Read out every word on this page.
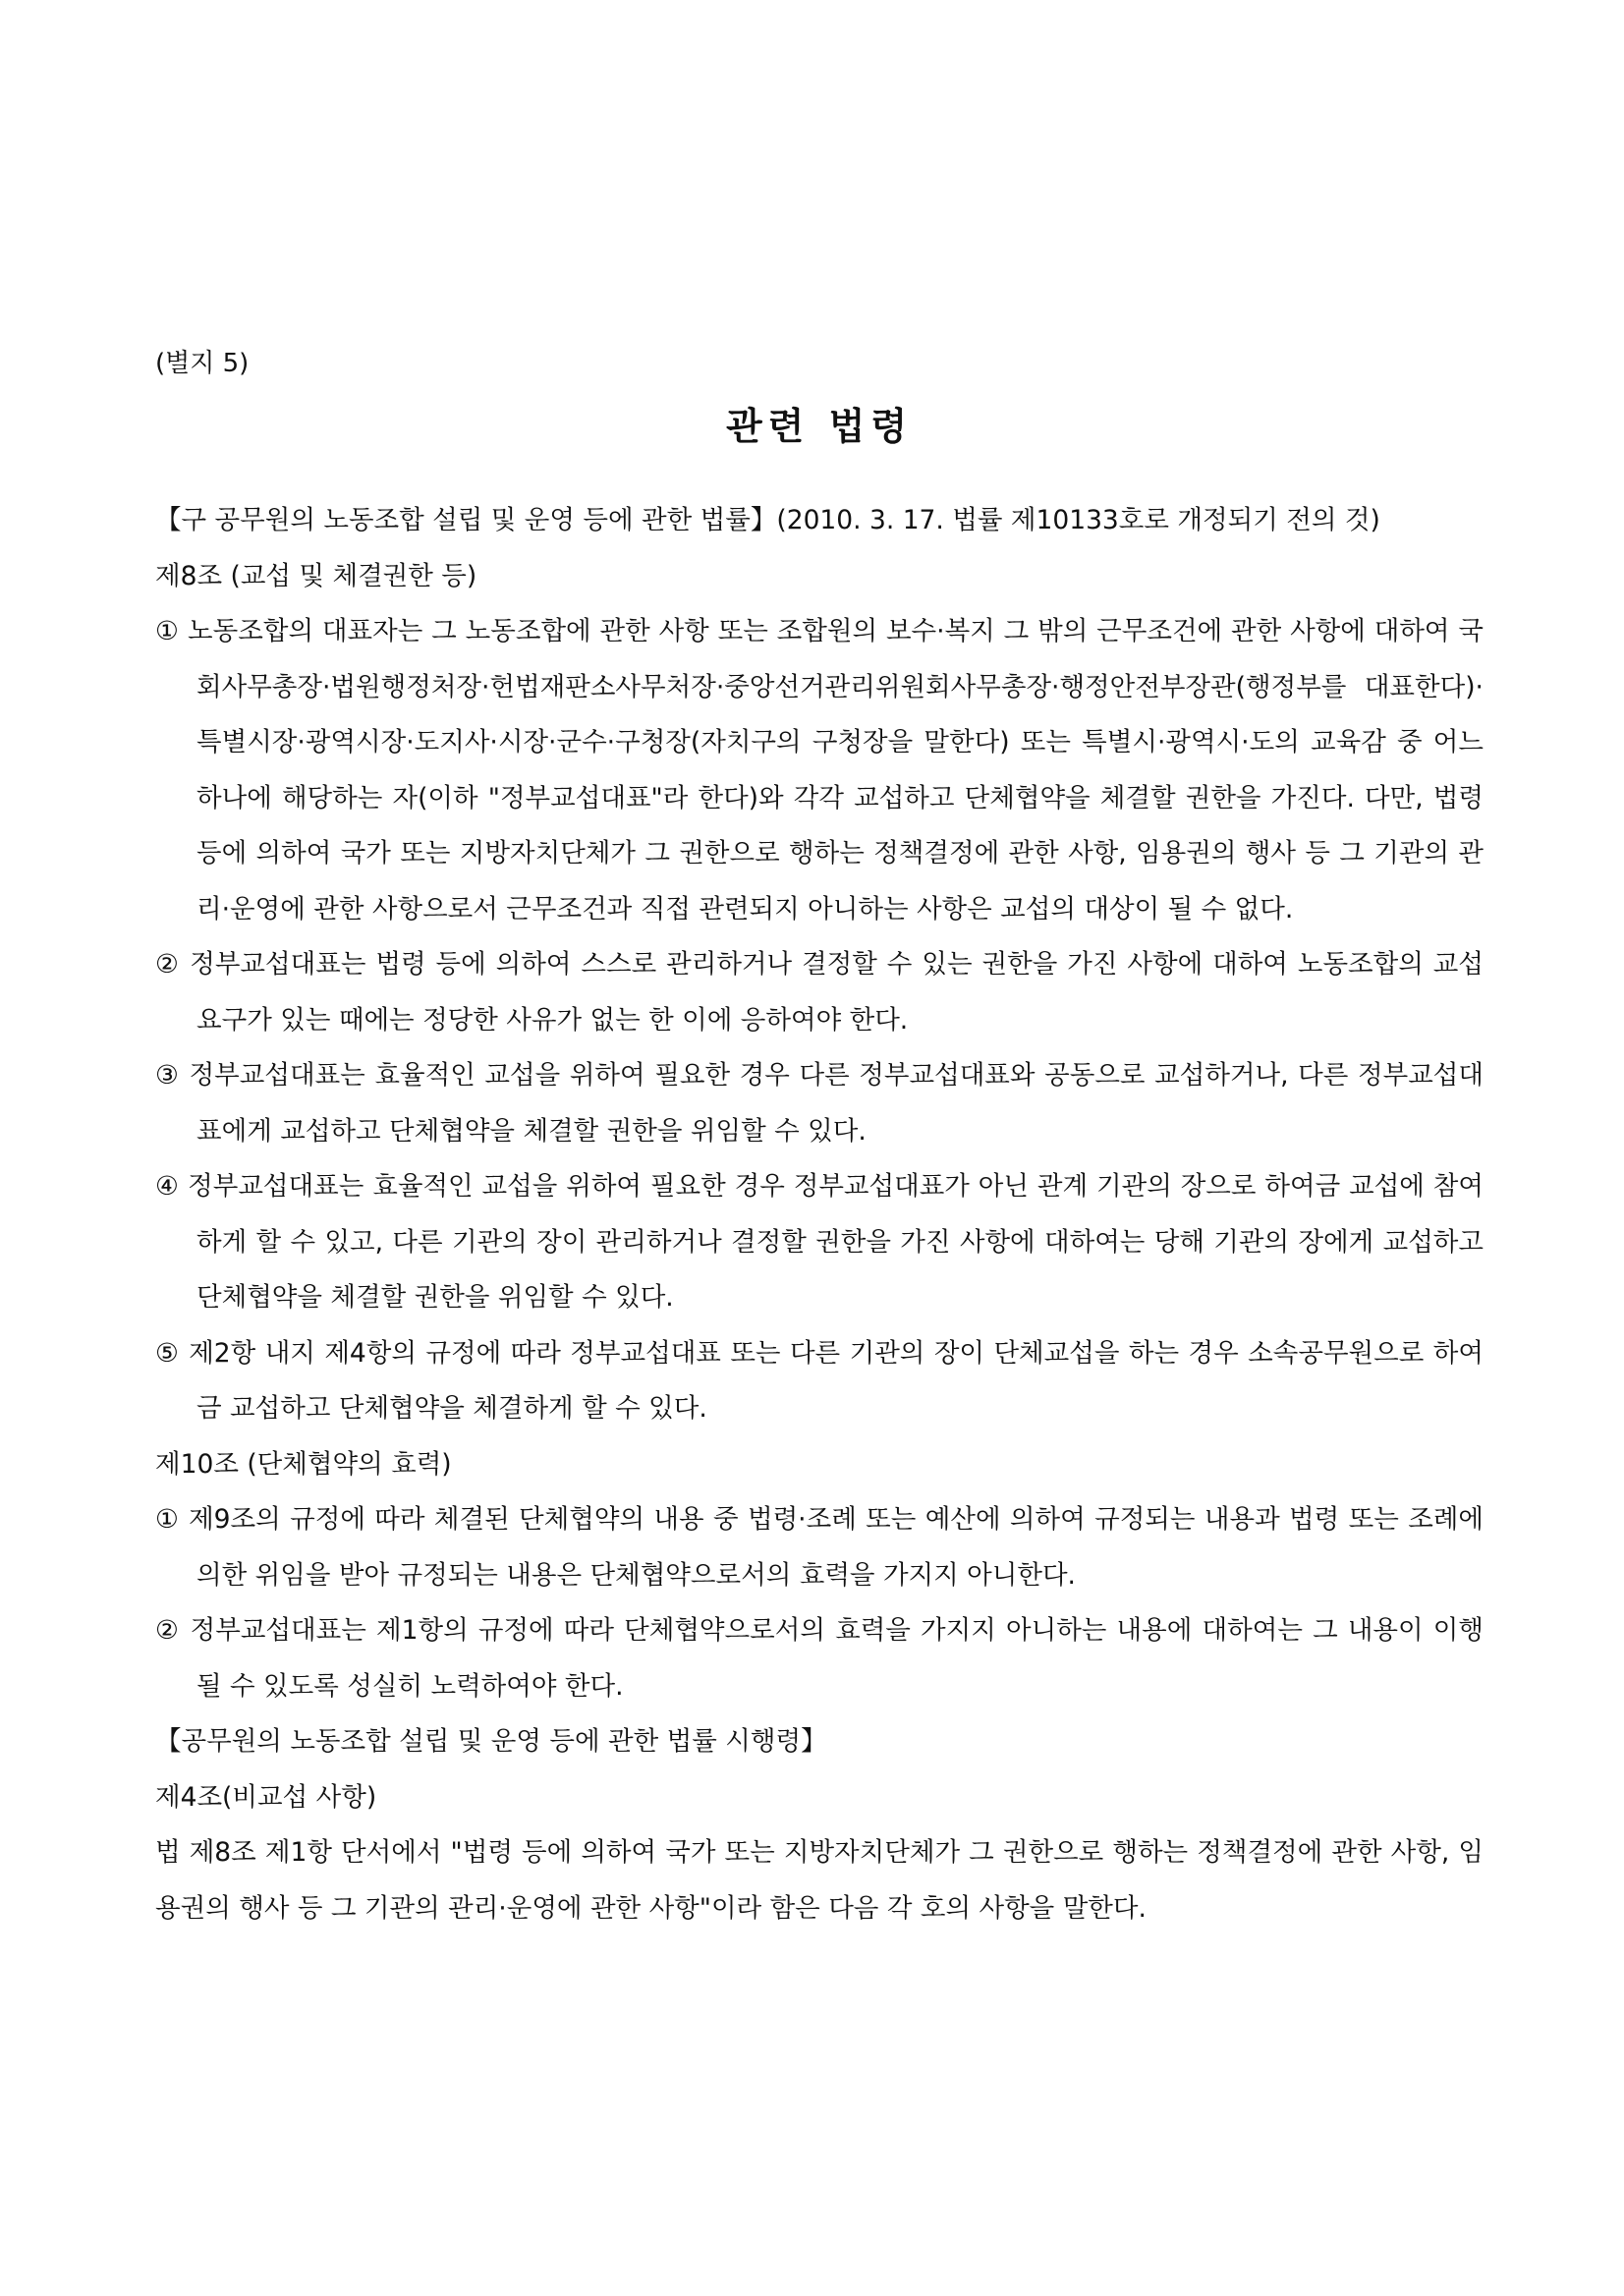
(별지 5)
관련 법령

【구 공무원의 노동조합 설립 및 운영 등에 관한 법률】(2010. 3. 17. 법률 제10133호로 개정되기 전의 것)

제8조 (교섭 및 체결권한 등)

① 노동조합의 대표자는 그 노동조합에 관한 사항 또는 조합원의 보수·복지 그 밖의 근무조건에 관한 사항에 대하여 국회사무총장·법원행정처장·헌법재판소사무처장·중앙선거관리위원회사무총장·행정안전부장관(행정부를 대표한다)·특별시장·광역시장·도지사·시장·군수·구청장(자치구의 구청장을 말한다) 또는 특별시·광역시·도의 교육감 중 어느 하나에 해당하는 자(이하 "정부교섭대표"라 한다)와 각각 교섭하고 단체협약을 체결할 권한을 가진다. 다만, 법령 등에 의하여 국가 또는 지방자치단체가 그 권한으로 행하는 정책결정에 관한 사항, 임용권의 행사 등 그 기관의 관리·운영에 관한 사항으로서 근무조건과 직접 관련되지 아니하는 사항은 교섭의 대상이 될 수 없다.

② 정부교섭대표는 법령 등에 의하여 스스로 관리하거나 결정할 수 있는 권한을 가진 사항에 대하여 노동조합의 교섭요구가 있는 때에는 정당한 사유가 없는 한 이에 응하여야 한다.

③ 정부교섭대표는 효율적인 교섭을 위하여 필요한 경우 다른 정부교섭대표와 공동으로 교섭하거나, 다른 정부교섭대표에게 교섭하고 단체협약을 체결할 권한을 위임할 수 있다.

④ 정부교섭대표는 효율적인 교섭을 위하여 필요한 경우 정부교섭대표가 아닌 관계 기관의 장으로 하여금 교섭에 참여하게 할 수 있고, 다른 기관의 장이 관리하거나 결정할 권한을 가진 사항에 대하여는 당해 기관의 장에게 교섭하고 단체협약을 체결할 권한을 위임할 수 있다.

⑤ 제2항 내지 제4항의 규정에 따라 정부교섭대표 또는 다른 기관의 장이 단체교섭을 하는 경우 소속공무원으로 하여금 교섭하고 단체협약을 체결하게 할 수 있다.

제10조 (단체협약의 효력)

① 제9조의 규정에 따라 체결된 단체협약의 내용 중 법령·조례 또는 예산에 의하여 규정되는 내용과 법령 또는 조례에 의한 위임을 받아 규정되는 내용은 단체협약으로서의 효력을 가지지 아니한다.

② 정부교섭대표는 제1항의 규정에 따라 단체협약으로서의 효력을 가지지 아니하는 내용에 대하여는 그 내용이 이행될 수 있도록 성실히 노력하여야 한다.

【공무원의 노동조합 설립 및 운영 등에 관한 법률 시행령】

제4조(비교섭 사항)

법 제8조 제1항 단서에서 "법령 등에 의하여 국가 또는 지방자치단체가 그 권한으로 행하는 정책결정에 관한 사항, 임용권의 행사 등 그 기관의 관리·운영에 관한 사항"이라 함은 다음 각 호의 사항을 말한다.
